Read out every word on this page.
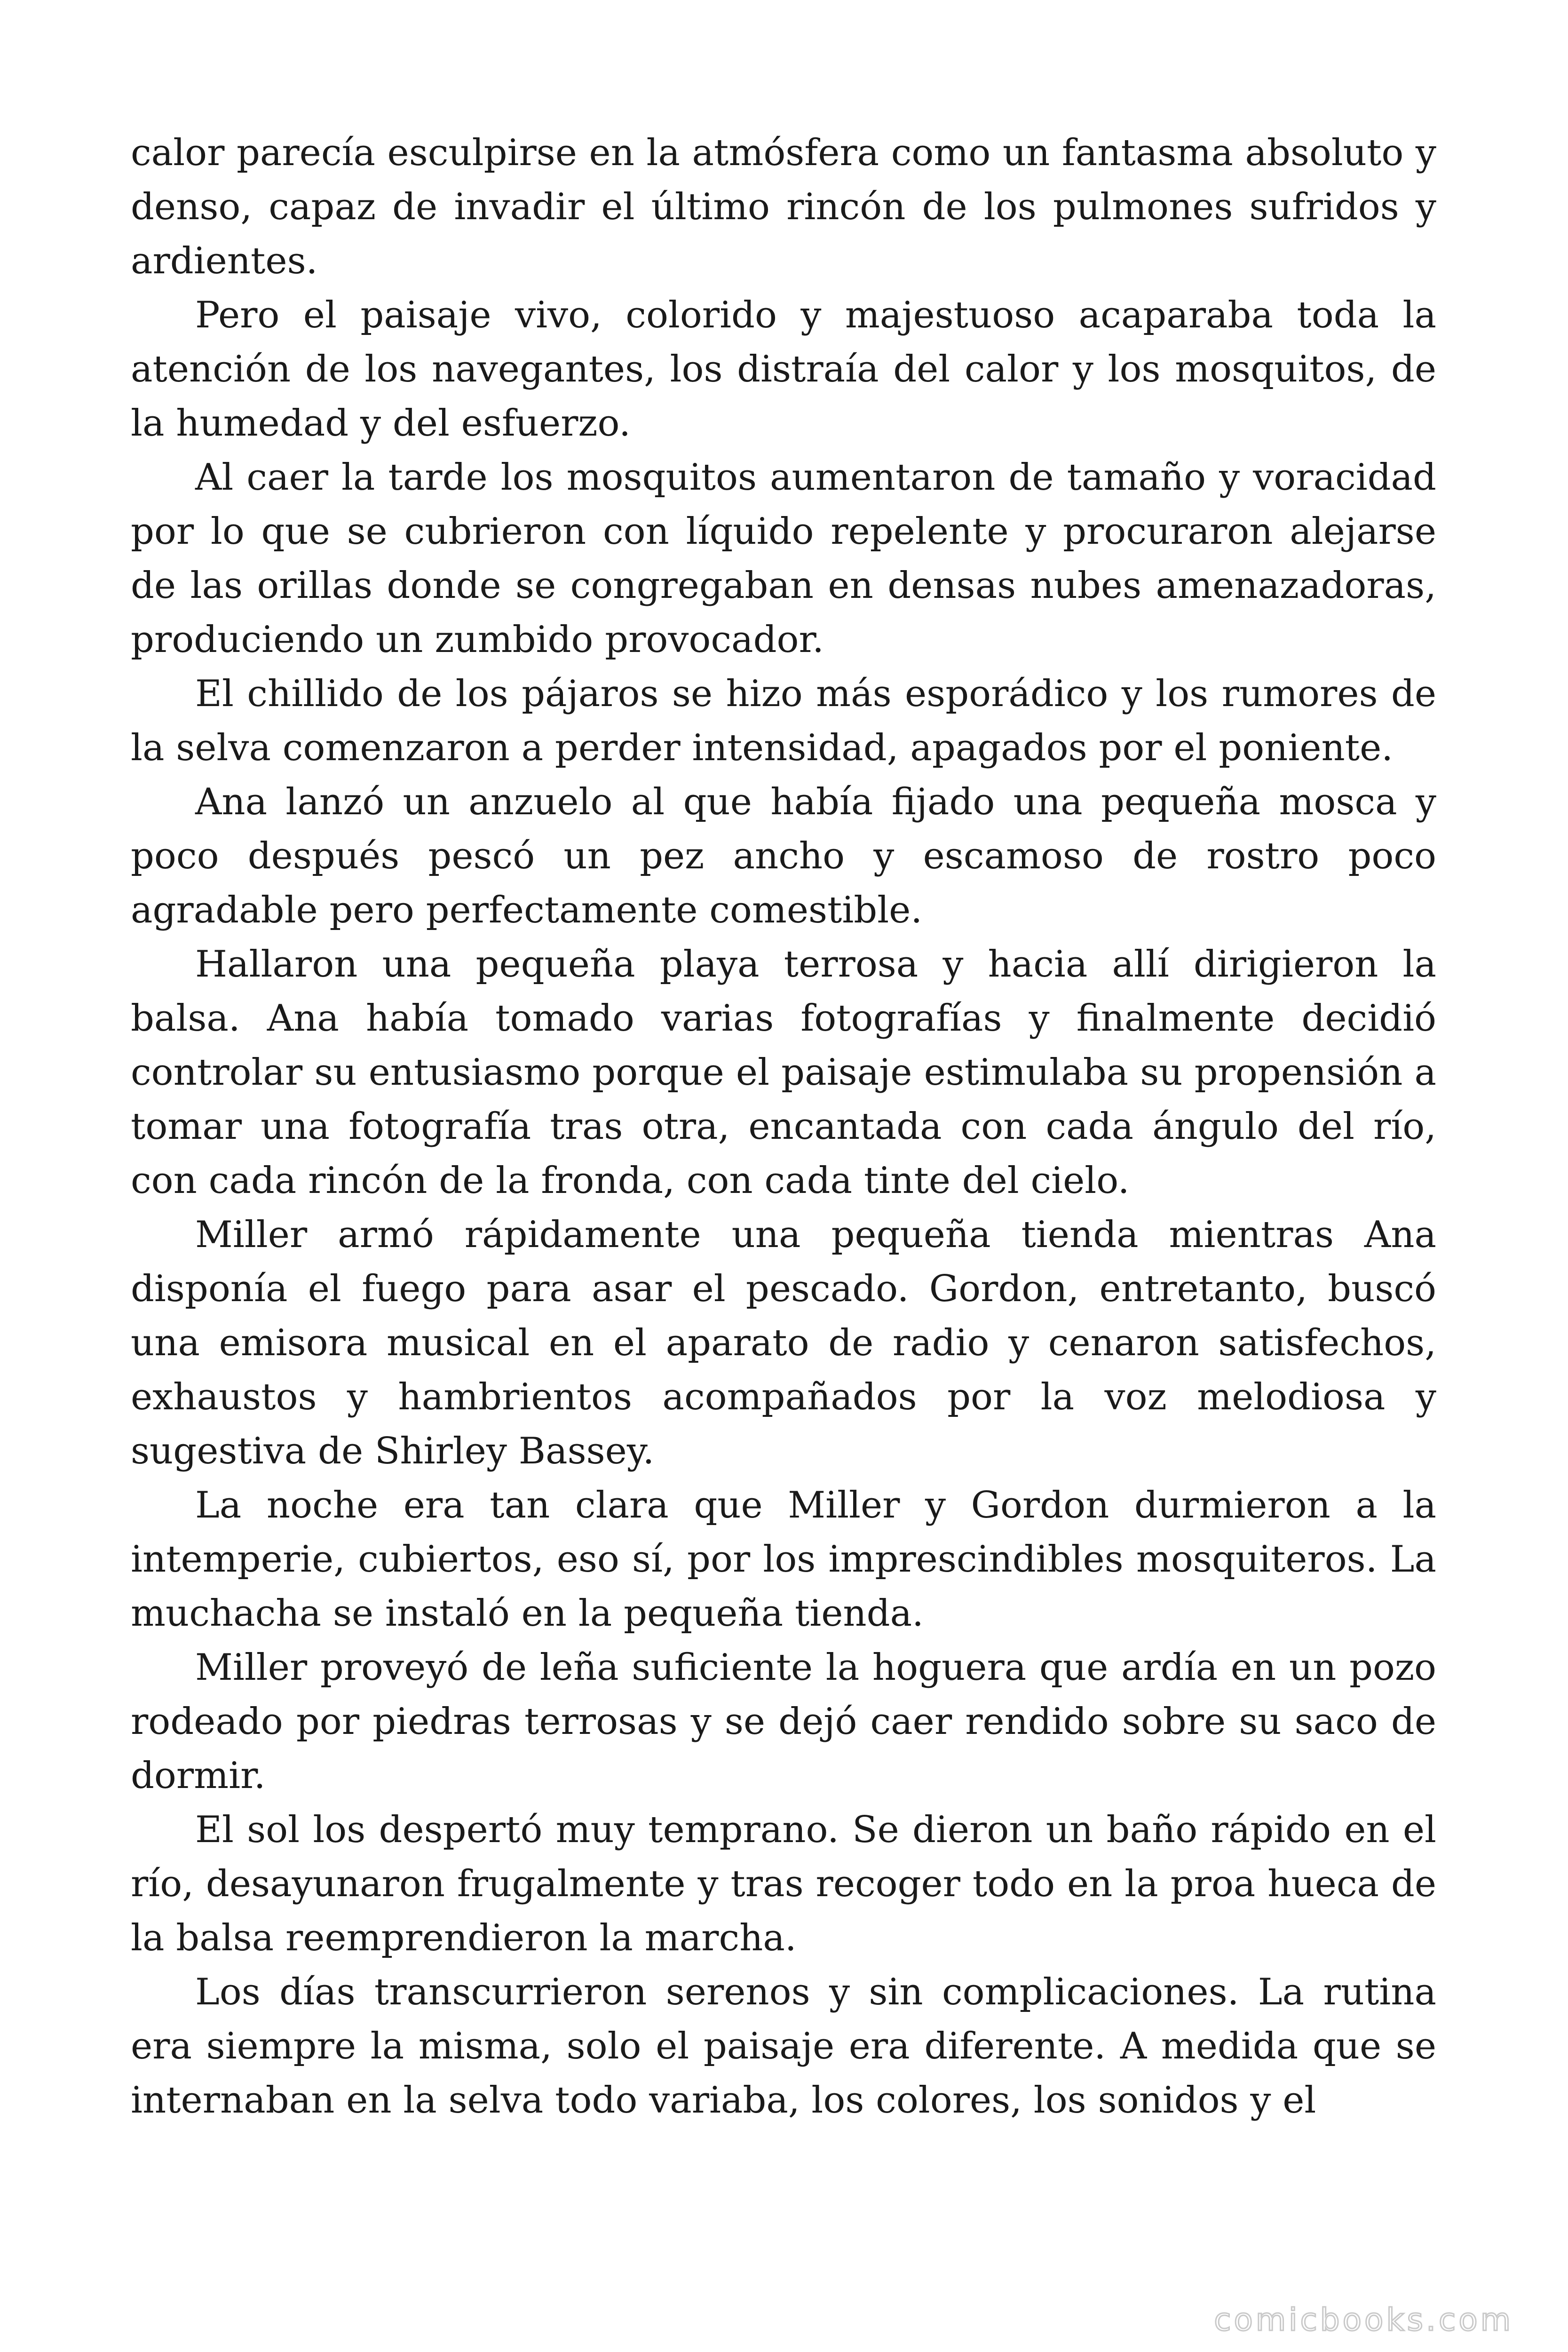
calor parecía esculpirse en la atmósfera como un fantasma absoluto y denso, capaz de invadir el último rincón de los pulmones sufridos y ardientes.

Pero el paisaje vivo, colorido y majestuoso acaparaba toda la atención de los navegantes, los distraía del calor y los mosquitos, de la humedad y del esfuerzo.

Al caer la tarde los mosquitos aumentaron de tamaño y voracidad por lo que se cubrieron con líquido repelente y procuraron alejarse de las orillas donde se congregaban en densas nubes amenazadoras, produciendo un zumbido provocador.

El chillido de los pájaros se hizo más esporádico y los rumores de la selva comenzaron a perder intensidad, apagados por el poniente.

Ana lanzó un anzuelo al que había fijado una pequeña mosca y poco después pescó un pez ancho y escamoso de rostro poco agradable pero perfectamente comestible.

Hallaron una pequeña playa terrosa y hacia allí dirigieron la balsa. Ana había tomado varias fotografías y finalmente decidió controlar su entusiasmo porque el paisaje estimulaba su propensión a tomar una fotografía tras otra, encantada con cada ángulo del río, con cada rincón de la fronda, con cada tinte del cielo.

Miller armó rápidamente una pequeña tienda mientras Ana disponía el fuego para asar el pescado. Gordon, entretanto, buscó una emisora musical en el aparato de radio y cenaron satisfechos, exhaustos y hambrientos acompañados por la voz melodiosa y sugestiva de Shirley Bassey.

La noche era tan clara que Miller y Gordon durmieron a la intemperie, cubiertos, eso sí, por los imprescindibles mosquiteros. La muchacha se instaló en la pequeña tienda.

Miller proveyó de leña suficiente la hoguera que ardía en un pozo rodeado por piedras terrosas y se dejó caer rendido sobre su saco de dormir.

El sol los despertó muy temprano. Se dieron un baño rápido en el río, desayunaron frugalmente y tras recoger todo en la proa hueca de la balsa reemprendieron la marcha.

Los días transcurrieron serenos y sin complicaciones. La rutina era siempre la misma, solo el paisaje era diferente. A medida que se internaban en la selva todo variaba, los colores, los sonidos y el

comicbooks.com
